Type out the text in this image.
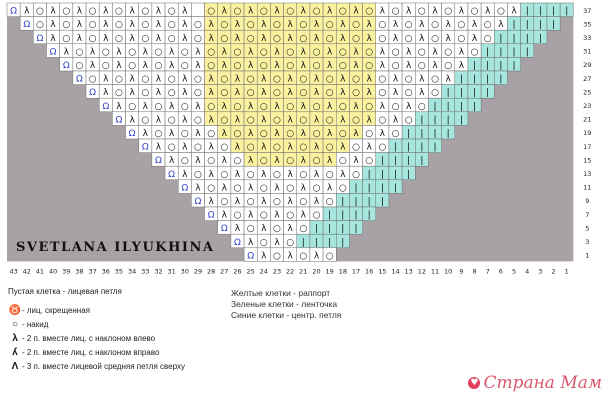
Ω λ ○ λ ○ λ ○ λ ○ λ ○ λ ○ λ ○ λ ○ λ ○ λ ○ λ ○ λ ○ λ ○ λ ○ λ ○ λ ○ λ ○ λ ○ λ | | | |
Ω ○ λ ○ λ ○ λ ○ λ ○ λ ○ λ ○ λ ○ λ ○ λ ○ λ ○ λ ○ λ ○ λ ○ λ ○ λ ○ λ ○ λ ○ λ | | | |
Ω λ ○ λ ○ λ ○ λ ○ λ ○ λ ○ λ ○ λ ○ λ ○ λ ○ λ ○ λ ○ λ ○ λ ○ λ ○ λ ○ λ ○ | | | |
Ω λ ○ λ ○ λ ○ λ ○ λ ○ λ ○ λ ○ λ ○ λ ○ λ ○ λ ○ λ ○ λ ○ λ ○ λ ○ λ ○ | | | |
Ω ○ λ ○ λ ○ λ ○ λ ○ λ ○ λ ○ λ ○ λ ○ λ ○ λ ○ λ ○ λ ○ λ ○ λ ○ λ | | | |
Ω ○ λ ○ λ ○ λ ○ λ ○ λ ○ λ ○ λ ○ λ ○ λ ○ λ ○ λ ○ λ ○ λ ○ λ | | | |
Ω λ ○ λ ○ λ ○ λ ○ λ ○ λ ○ λ ○ λ ○ λ ○ λ ○ λ ○ λ ○ λ ○ | | | |
Ω λ ○ λ ○ λ ○ λ ○ λ ○ λ ○ λ ○ λ ○ λ ○ λ ○ λ ○ λ ○ | | | |
Ω λ ○ λ ○ λ ○ λ ○ λ ○ λ ○ λ ○ λ ○ λ ○ λ ○ λ ○ | | | |
Ω λ ○ λ ○ λ ○ λ ○ λ ○ λ ○ λ ○ λ ○ λ ○ λ ○ | | | |
Ω λ ○ λ ○ λ ○ λ ○ λ ○ λ ○ λ ○ λ ○ λ ○ | | | |
Ω λ ○ λ ○ λ ○ λ ○ λ ○ λ ○ λ ○ λ ○ | | | |
Ω λ ○ λ ○ λ ○ λ ○ λ ○ λ ○ λ ○ | | | |
Ω λ ○ λ ○ λ ○ λ ○ λ ○ λ ○ | | | |
Ω λ ○ λ ○ λ ○ λ ○ λ ○ | | | |
Ω λ ○ λ ○ λ ○ λ ○ | | | |
Ω λ ○ λ ○ λ ○ | | | |
Ω λ ○ λ ○ | | | |
Ω λ ○ λ ○ λ ○
37
35
33
31
29
27
25
23
21
19
17
15
13
11
9
7
5
3
1
43 42 41 40 39 38 37 36 35 34 33 32 31 30 29 28 27 26 25 24 23 22 21 20 19 18 17 16 15 14 13 12 11 10 9 8 7 6 5 4 3 2 1
SVETLANA ILYUKHINA
Пустая клетка - лицевая петля
♉ - лиц. скрещенная
○ - накид
λ - 2 п. вместе лиц. с наклоном влево
λ - 2 п. вместе лиц. с наклоном вправо
Λ - 3 п. вместе лицевой средняя петля сверху
Желтые клетки - раппорт
Зеленые клетки - ленточка
Синие клетки - центр. петля
♥ Страна Мам
